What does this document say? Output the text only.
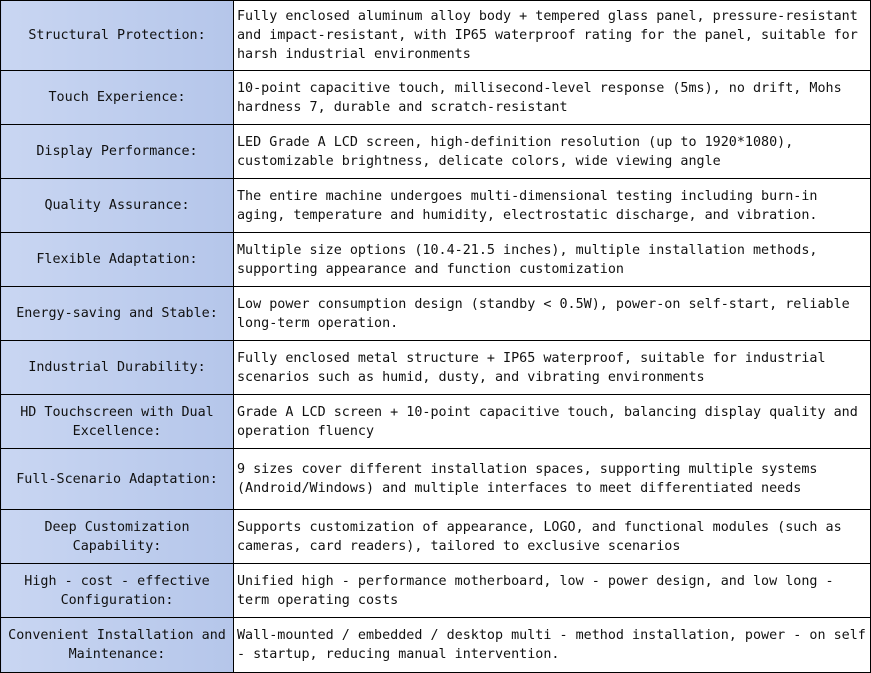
Structural Protection:	Fully enclosed aluminum alloy body + tempered glass panel, pressure-resistant and impact-resistant, with IP65 waterproof rating for the panel, suitable for harsh industrial environments
Touch Experience:	10-point capacitive touch, millisecond-level response (5ms), no drift, Mohs hardness 7, durable and scratch-resistant
Display Performance:	LED Grade A LCD screen, high-definition resolution (up to 1920*1080), customizable brightness, delicate colors, wide viewing angle
Quality Assurance:	The entire machine undergoes multi-dimensional testing including burn-in aging, temperature and humidity, electrostatic discharge, and vibration.
Flexible Adaptation:	Multiple size options (10.4-21.5 inches), multiple installation methods, supporting appearance and function customization
Energy-saving and Stable:	Low power consumption design (standby < 0.5W), power-on self-start, reliable long-term operation.
Industrial Durability:	Fully enclosed metal structure + IP65 waterproof, suitable for industrial scenarios such as humid, dusty, and vibrating environments
HD Touchscreen with Dual Excellence:	Grade A LCD screen + 10-point capacitive touch, balancing display quality and operation fluency
Full-Scenario Adaptation:	9 sizes cover different installation spaces, supporting multiple systems (Android/Windows) and multiple interfaces to meet differentiated needs
Deep Customization Capability:	Supports customization of appearance, LOGO, and functional modules (such as cameras, card readers), tailored to exclusive scenarios
High - cost - effective Configuration:	Unified high - performance motherboard, low - power design, and low long - term operating costs
Convenient Installation and Maintenance:	Wall-mounted / embedded / desktop multi - method installation, power - on self - startup, reducing manual intervention.
